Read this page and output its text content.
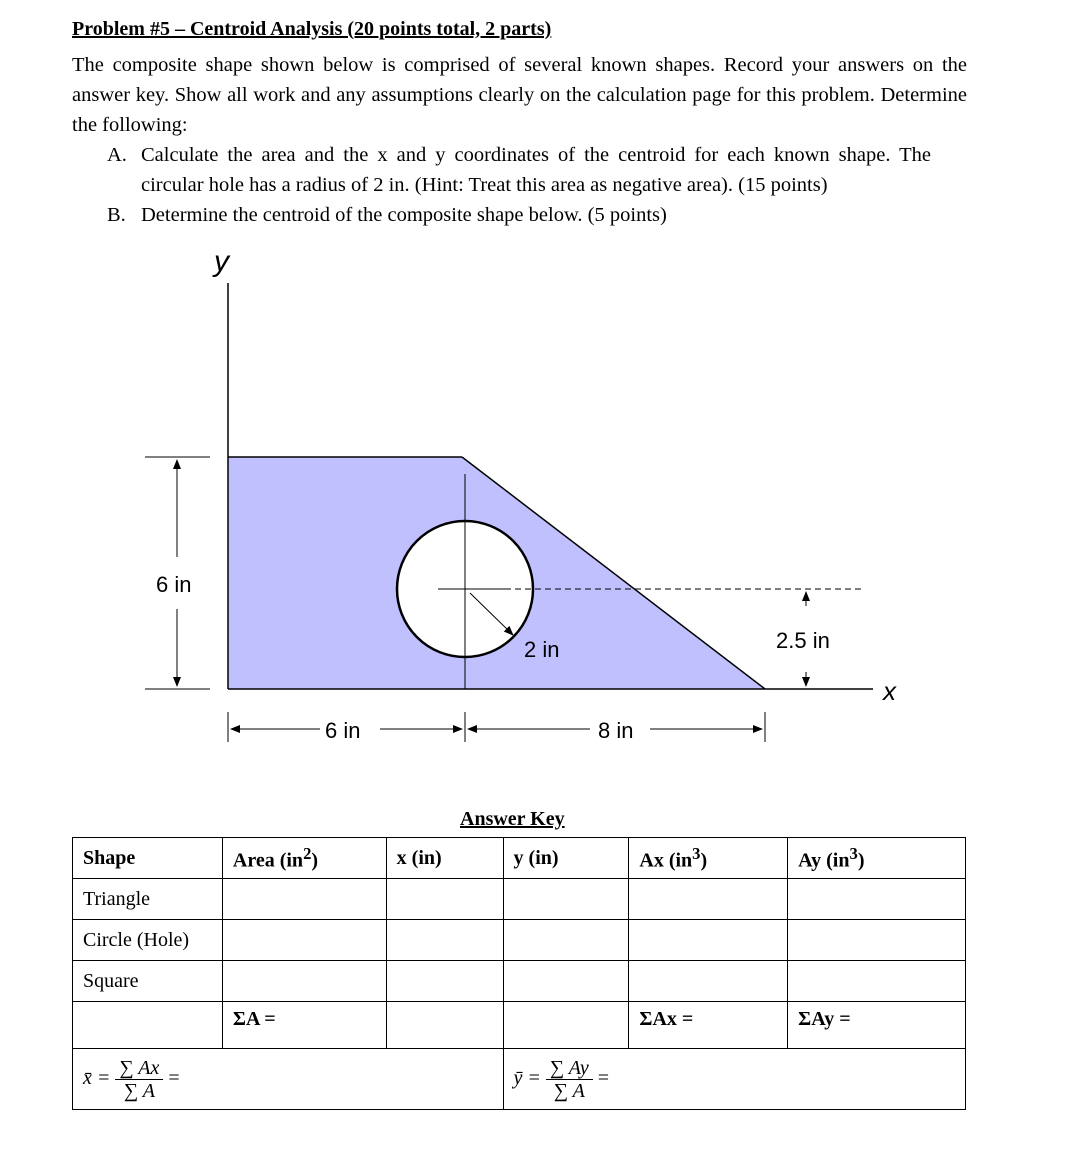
Problem #5 – Centroid Analysis (20 points total, 2 parts)
The composite shape shown below is comprised of several known shapes. Record your answers on the answer key. Show all work and any assumptions clearly on the calculation page for this problem. Determine the following:
A. Calculate the area and the x and y coordinates of the centroid for each known shape. The circular hole has a radius of 2 in. (Hint: Treat this area as negative area). (15 points)
B. Determine the centroid of the composite shape below. (5 points)
y
x
6 in
6 in	8 in
2 in	2.5 in
Answer Key
Shape	Area $(in^2)$	x (in)	y (in)	Ax $(in^3)$	Ay $(in^3)$
Triangle					
Circle (Hole)					
Square					
	ΣA =			ΣAx =	ΣAy =
x̄ = $\frac{\sum Ax}{\sum A}$ =			ȳ = $\frac{\sum Ay}{\sum A}$ =		
